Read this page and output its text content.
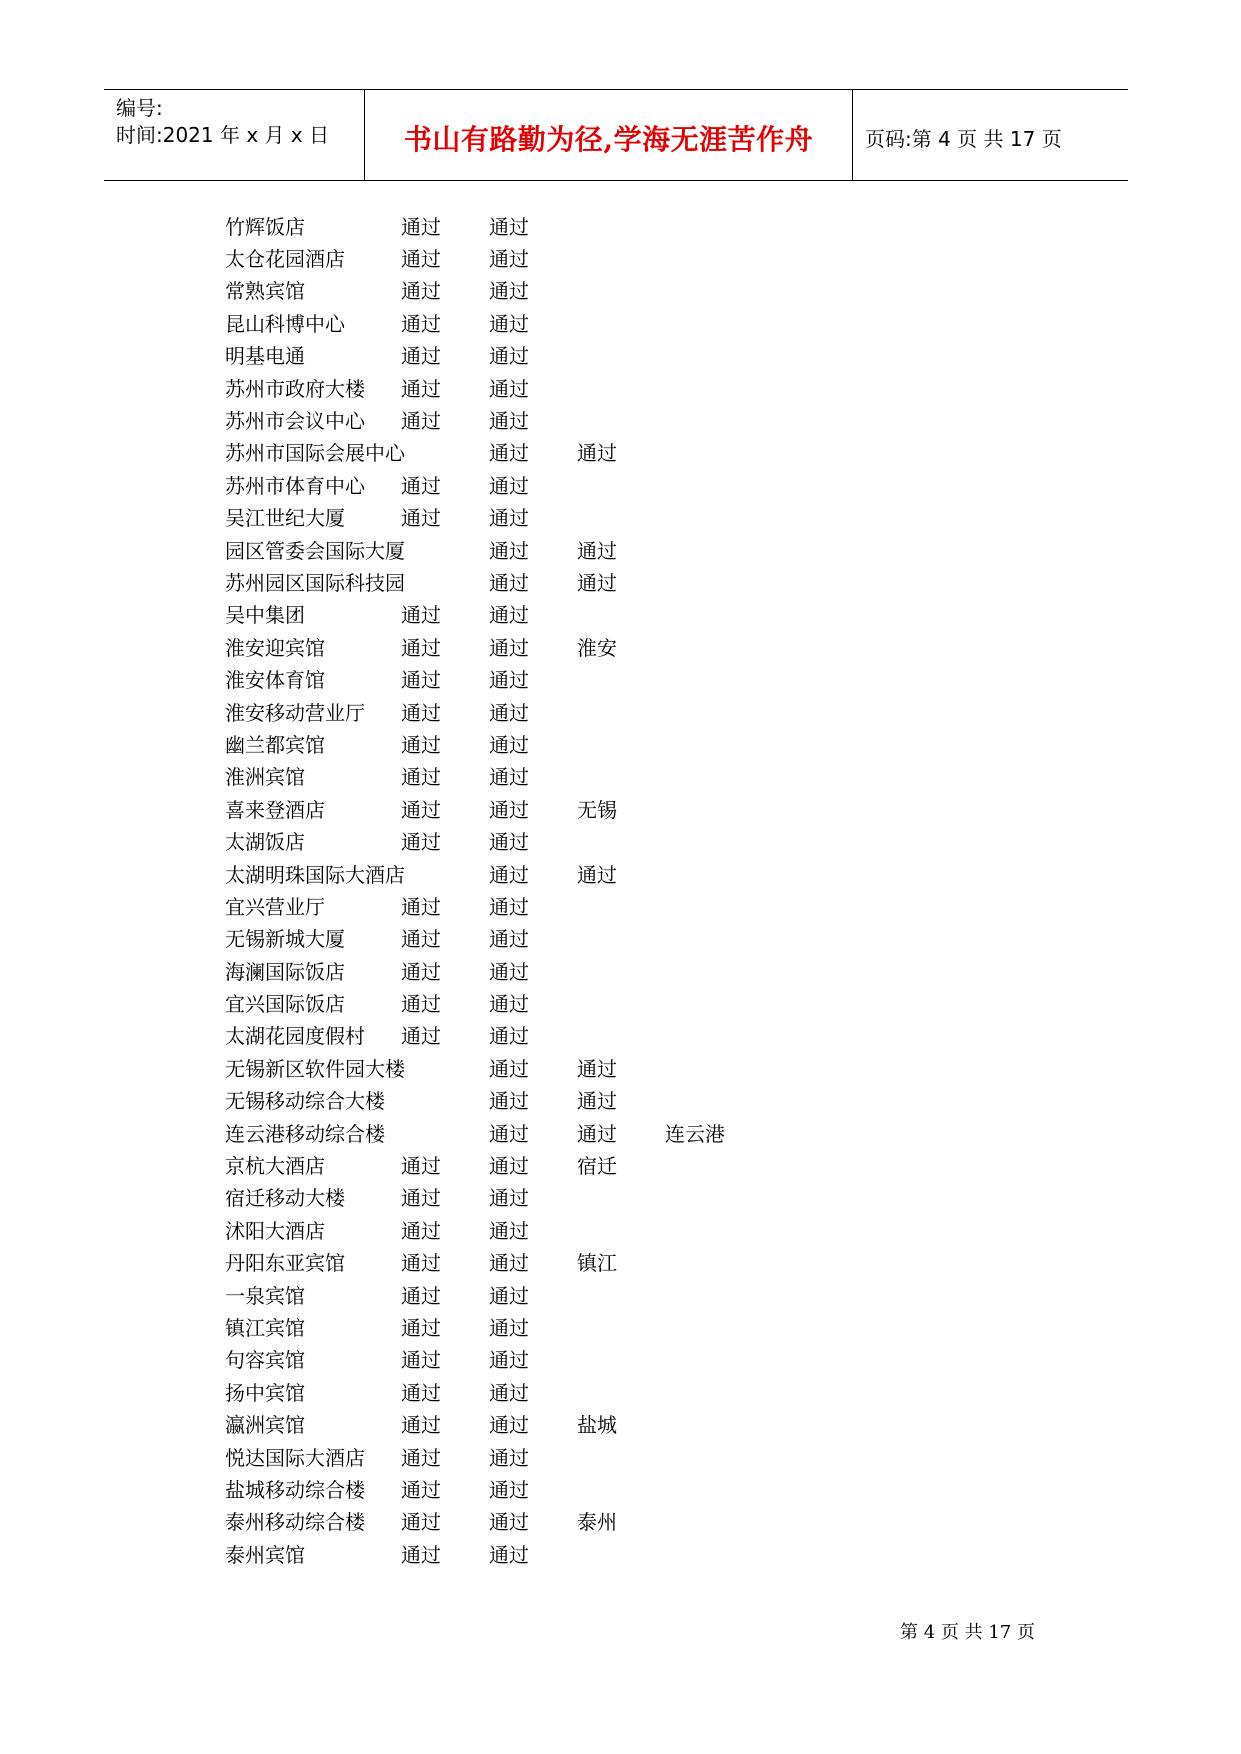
编号:
时间:2021 年 x 月 x 日	书山有路勤为径,学海无涯苦作舟	页码:第 4 页 共 17 页
竹辉饭店	通过	通过
太仓花园酒店	通过	通过
常熟宾馆	通过	通过
昆山科博中心	通过	通过
明基电通	通过	通过
苏州市政府大楼	通过	通过
苏州市会议中心	通过	通过
苏州市国际会展中心	通过	通过
苏州市体育中心	通过	通过
吴江世纪大厦	通过	通过
园区管委会国际大厦	通过	通过
苏州园区国际科技园	通过	通过
吴中集团	通过	通过
淮安迎宾馆	通过	通过	淮安
淮安体育馆	通过	通过
淮安移动营业厅	通过	通过
幽兰都宾馆	通过	通过
淮洲宾馆	通过	通过
喜来登酒店	通过	通过	无锡
太湖饭店	通过	通过
太湖明珠国际大酒店	通过	通过
宜兴营业厅	通过	通过
无锡新城大厦	通过	通过
海澜国际饭店	通过	通过
宜兴国际饭店	通过	通过
太湖花园度假村	通过	通过
无锡新区软件园大楼	通过	通过
无锡移动综合大楼	通过	通过
连云港移动综合楼	通过	通过	连云港
京杭大酒店	通过	通过	宿迁
宿迁移动大楼	通过	通过
沭阳大酒店	通过	通过
丹阳东亚宾馆	通过	通过	镇江
一泉宾馆	通过	通过
镇江宾馆	通过	通过
句容宾馆	通过	通过
扬中宾馆	通过	通过
瀛洲宾馆	通过	通过	盐城
悦达国际大酒店	通过	通过
盐城移动综合楼	通过	通过
泰州移动综合楼	通过	通过	泰州
泰州宾馆	通过	通过
第 4 页 共 17 页
